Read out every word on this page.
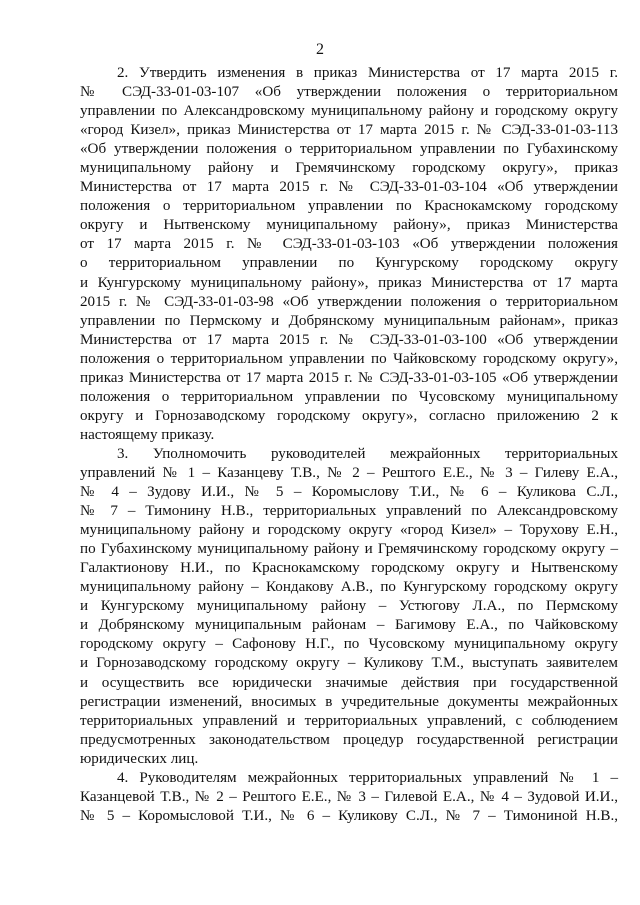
2
2. Утвердить изменения в приказ Министерства от 17 марта 2015 г.
№ СЭД-33-01-03-107 «Об утверждении положения о территориальном
управлении по Александровскому муниципальному району и городскому округу
«город Кизел», приказ Министерства от 17 марта 2015 г. № СЭД-33-01-03-113
«Об утверждении положения о территориальном управлении по Губахинскому
муниципальному району и Гремячинскому городскому округу», приказ
Министерства от 17 марта 2015 г. № СЭД-33-01-03-104 «Об утверждении
положения о территориальном управлении по Краснокамскому городскому
округу и Нытвенскому муниципальному району», приказ Министерства
от 17 марта 2015 г. № СЭД-33-01-03-103 «Об утверждении положения
о территориальном управлении по Кунгурскому городскому округу
и Кунгурскому муниципальному району», приказ Министерства от 17 марта
2015 г. № СЭД-33-01-03-98 «Об утверждении положения о территориальном
управлении по Пермскому и Добрянскому муниципальным районам», приказ
Министерства от 17 марта 2015 г. № СЭД-33-01-03-100 «Об утверждении
положения о территориальном управлении по Чайковскому городскому округу»,
приказ Министерства от 17 марта 2015 г. № СЭД-33-01-03-105 «Об утверждении
положения о территориальном управлении по Чусовскому муниципальному
округу и Горнозаводскому городскому округу», согласно приложению 2 к
настоящему приказу.
3. Уполномочить руководителей межрайонных территориальных
управлений № 1 – Казанцеву Т.В., № 2 – Рештого Е.Е., № 3 – Гилеву Е.А.,
№ 4 – Зудову И.И., № 5 – Коромыслову Т.И., № 6 – Куликова С.Л.,
№ 7 – Тимонину Н.В., территориальных управлений по Александровскому
муниципальному району и городскому округу «город Кизел» – Торухову Е.Н.,
по Губахинскому муниципальному району и Гремячинскому городскому округу –
Галактионову Н.И., по Краснокамскому городскому округу и Нытвенскому
муниципальному району – Кондакову А.В., по Кунгурскому городскому округу
и Кунгурскому муниципальному району – Устюгову Л.А., по Пермскому
и Добрянскому муниципальным районам – Багимову Е.А., по Чайковскому
городскому округу – Сафонову Н.Г., по Чусовскому муниципальному округу
и Горнозаводскому городскому округу – Куликову Т.М., выступать заявителем
и осуществить все юридически значимые действия при государственной
регистрации изменений, вносимых в учредительные документы межрайонных
территориальных управлений и территориальных управлений, с соблюдением
предусмотренных законодательством процедур государственной регистрации
юридических лиц.
4. Руководителям межрайонных территориальных управлений № 1 –
Казанцевой Т.В., № 2 – Рештого Е.Е., № 3 – Гилевой Е.А., № 4 – Зудовой И.И.,
№ 5 – Коромысловой Т.И., № 6 – Куликову С.Л., № 7 – Тимониной Н.В.,
